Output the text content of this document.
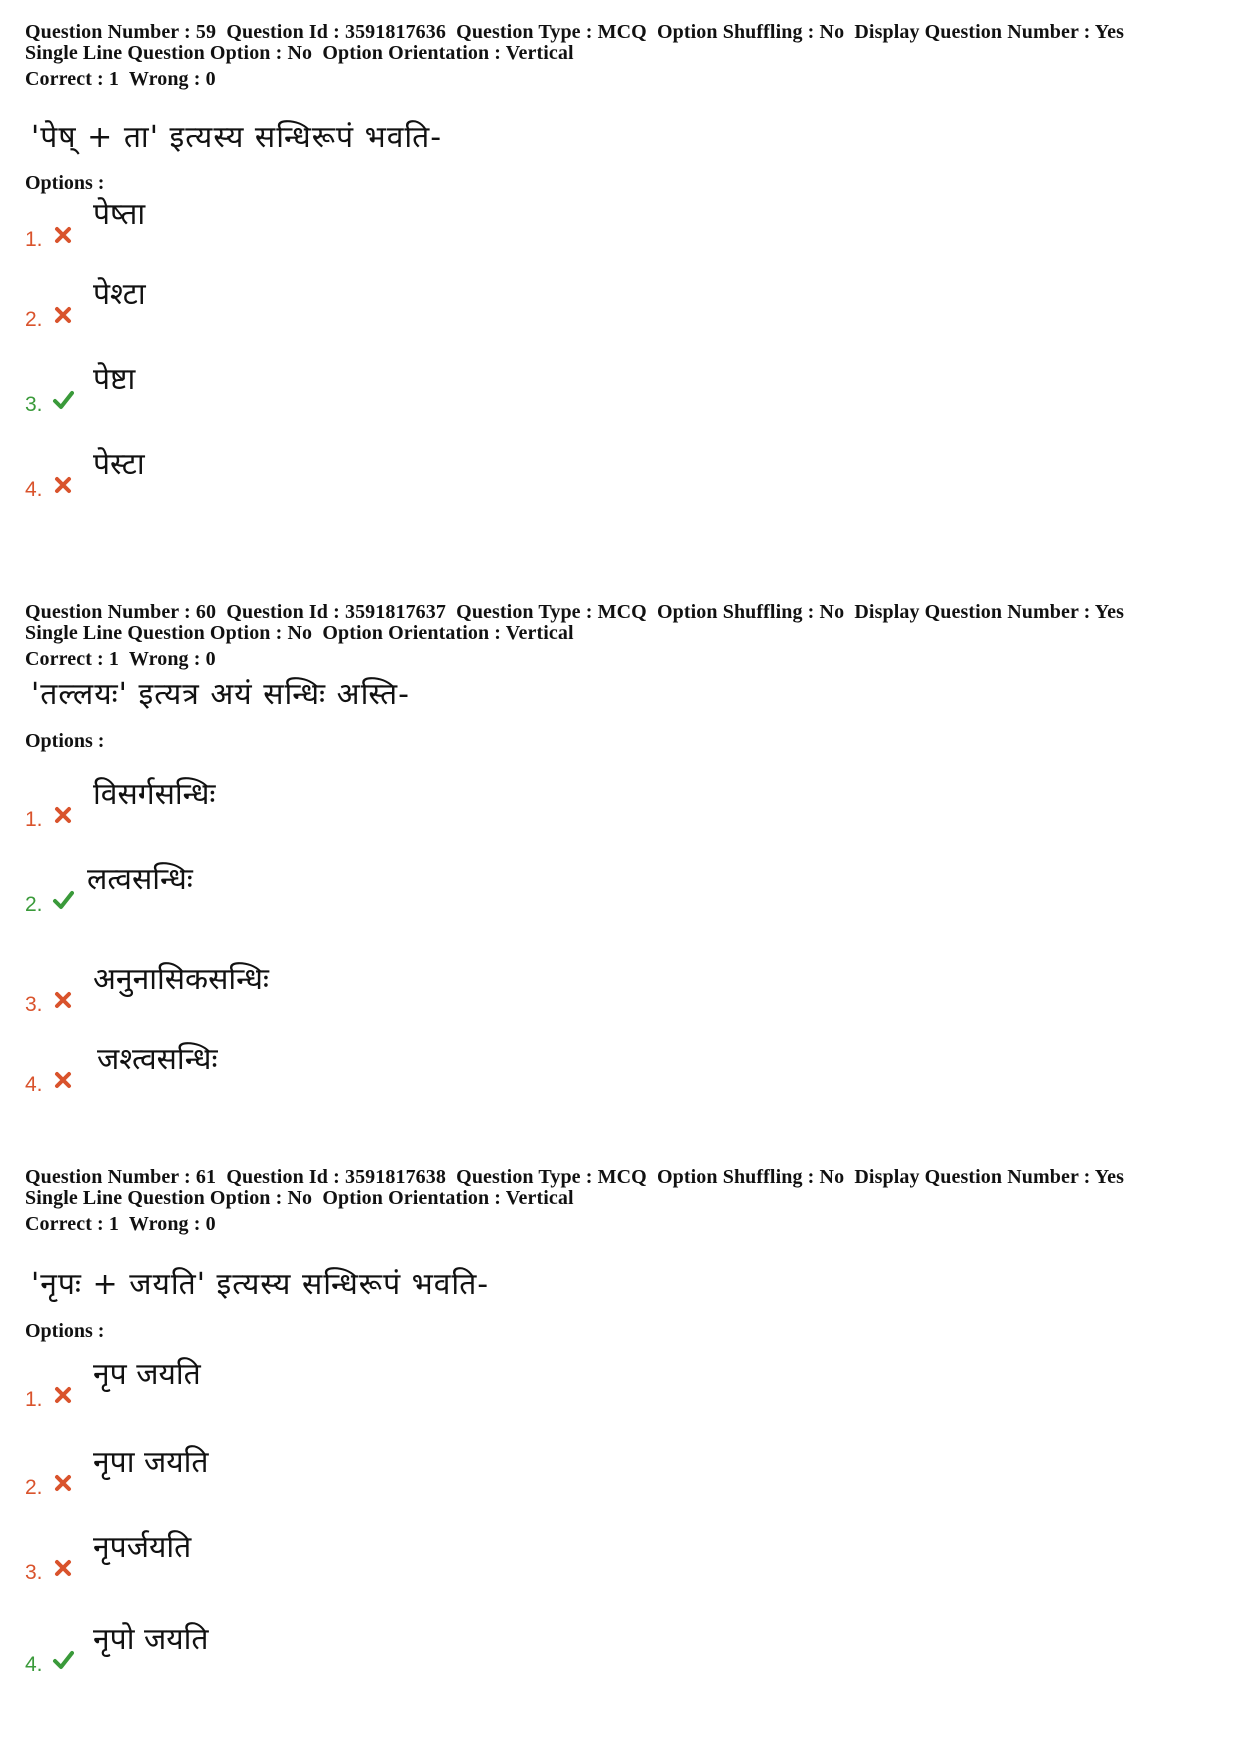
Question Number : 59 Question Id : 3591817636 Question Type : MCQ Option Shuffling : No Display Question Number : Yes
Single Line Question Option : No Option Orientation : Vertical
Correct : 1 Wrong : 0
'पेष् + ता' इत्यस्य सन्धिरूपं भवति-
Options :
1.
पेष्ता
2.
पेश्टा
3.
पेष्टा
4.
पेस्टा
Question Number : 60 Question Id : 3591817637 Question Type : MCQ Option Shuffling : No Display Question Number : Yes
Single Line Question Option : No Option Orientation : Vertical
Correct : 1 Wrong : 0
'तल्लयः' इत्यत्र अयं सन्धिः अस्ति-
Options :
1.
विसर्गसन्धिः
2.
लत्वसन्धिः
3.
अनुनासिकसन्धिः
4.
जश्त्वसन्धिः
Question Number : 61 Question Id : 3591817638 Question Type : MCQ Option Shuffling : No Display Question Number : Yes
Single Line Question Option : No Option Orientation : Vertical
Correct : 1 Wrong : 0
'नृपः + जयति' इत्यस्य सन्धिरूपं भवति-
Options :
1.
नृप जयति
2.
नृपा जयति
3.
नृपर्जयति
4.
नृपो जयति
